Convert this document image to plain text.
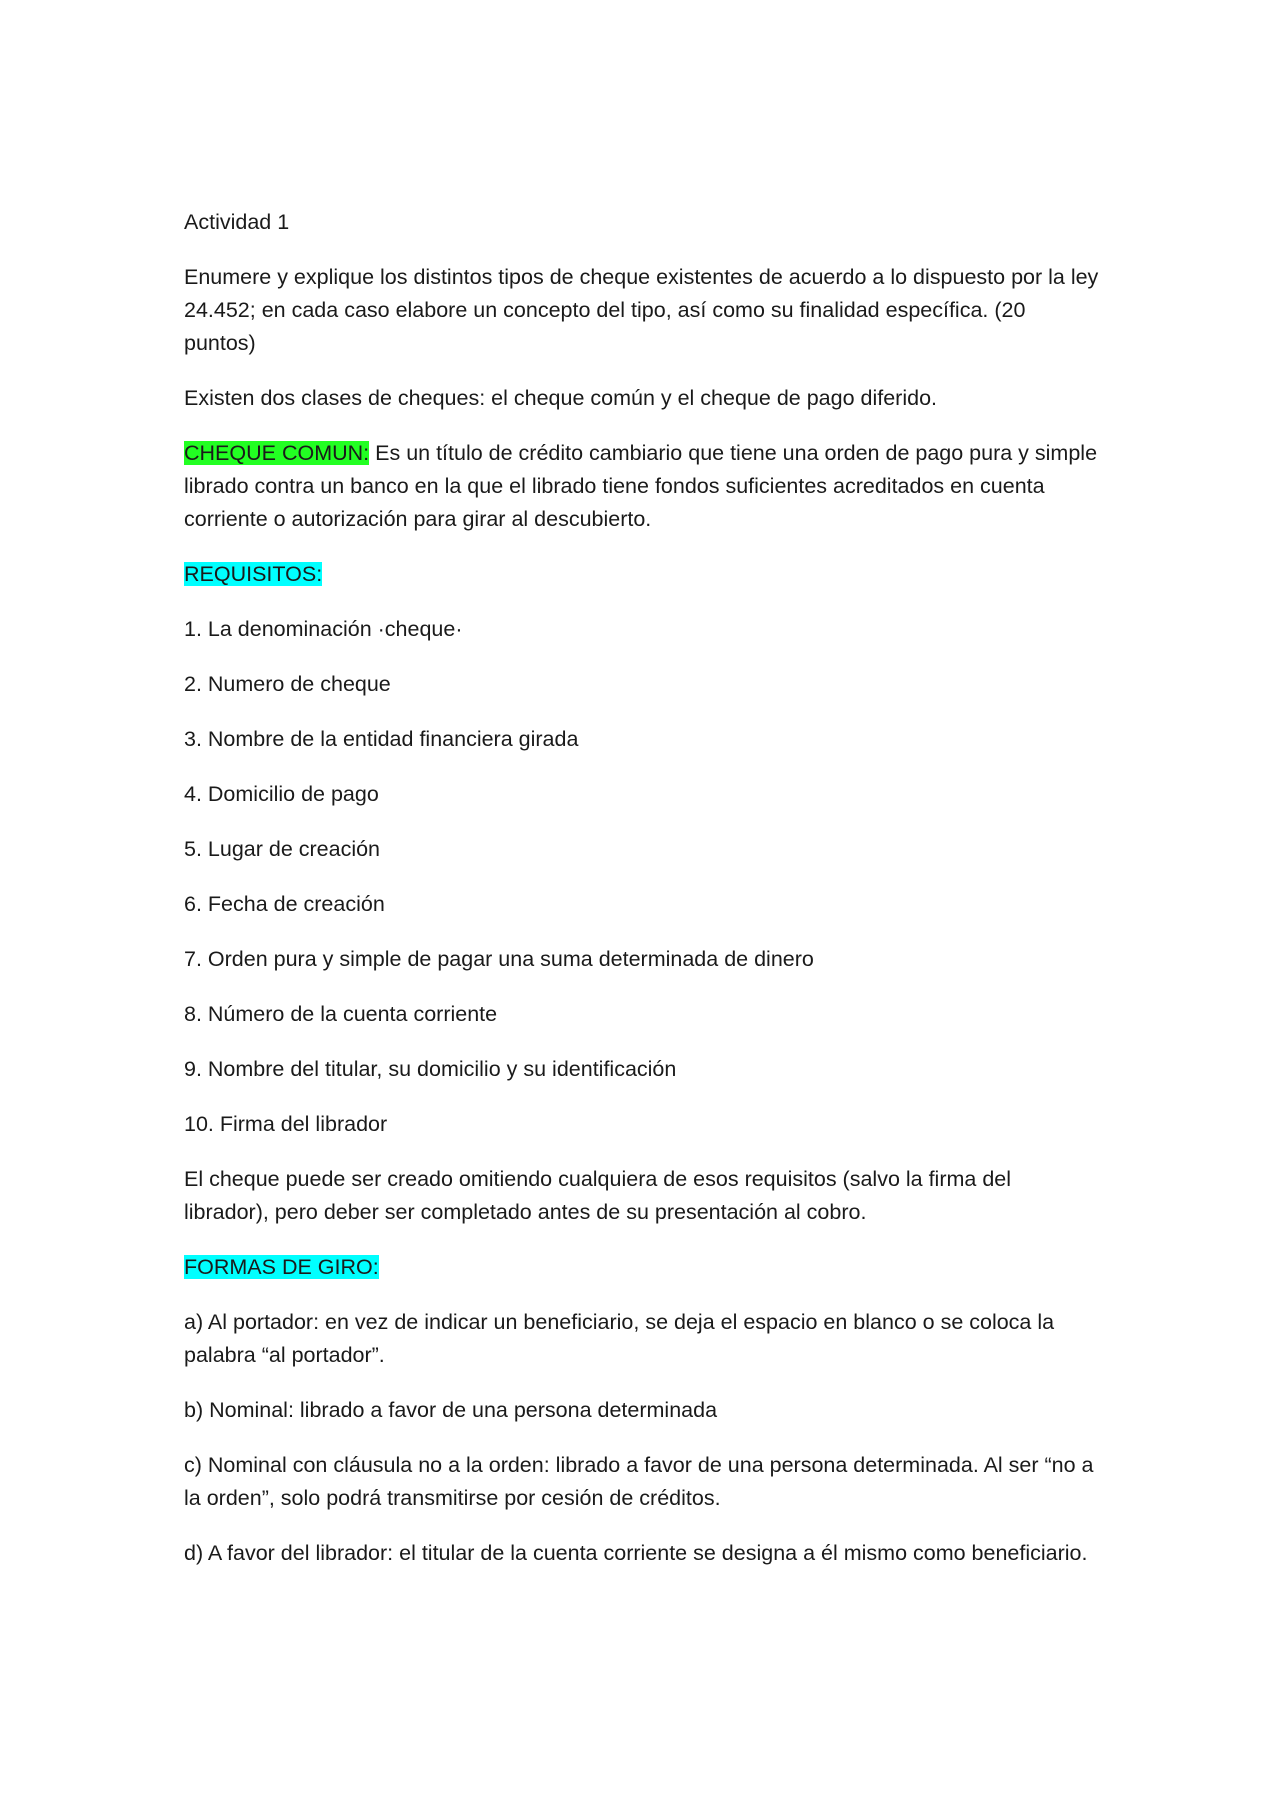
Actividad 1

Enumere y explique los distintos tipos de cheque existentes de acuerdo a lo dispuesto por la ley 24.452; en cada caso elabore un concepto del tipo, así como su finalidad específica. (20 puntos)

Existen dos clases de cheques: el cheque común y el cheque de pago diferido.

CHEQUE COMUN: Es un título de crédito cambiario que tiene una orden de pago pura y simple librado contra un banco en la que el librado tiene fondos suficientes acreditados en cuenta corriente o autorización para girar al descubierto.

REQUISITOS:

1. La denominación ·cheque·

2. Numero de cheque

3. Nombre de la entidad financiera girada

4. Domicilio de pago

5. Lugar de creación

6. Fecha de creación

7. Orden pura y simple de pagar una suma determinada de dinero

8. Número de la cuenta corriente

9. Nombre del titular, su domicilio y su identificación

10. Firma del librador

El cheque puede ser creado omitiendo cualquiera de esos requisitos (salvo la firma del librador), pero deber ser completado antes de su presentación al cobro.

FORMAS DE GIRO:

a) Al portador: en vez de indicar un beneficiario, se deja el espacio en blanco o se coloca la palabra “al portador”.

b) Nominal: librado a favor de una persona determinada

c) Nominal con cláusula no a la orden: librado a favor de una persona determinada. Al ser “no a la orden”, solo podrá transmitirse por cesión de créditos.

d) A favor del librador: el titular de la cuenta corriente se designa a él mismo como beneficiario.
